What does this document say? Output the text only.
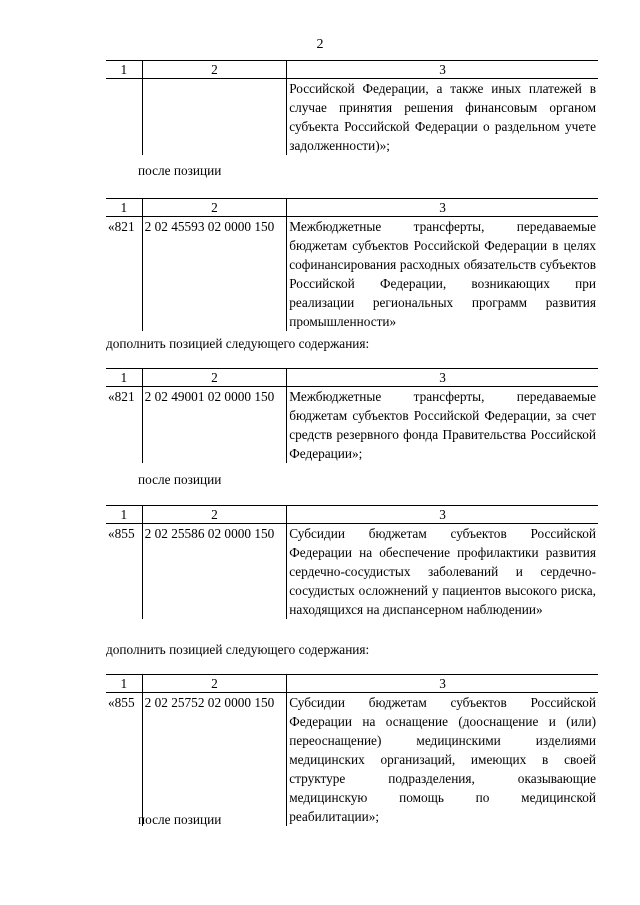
2
1	2	3
		Российской Федерации, а также иных платежей в случае принятия решения финансовым органом субъекта Российской Федерации о раздельном учете задолженности)»;
после позиции
1	2	3
«821	2 02 45593 02 0000 150	Межбюджетные трансферты, передаваемые бюджетам субъектов Российской Федерации в целях софинансирования расходных обязательств субъектов Российской Федерации, возникающих при реализации региональных программ развития промышленности»
дополнить позицией следующего содержания:
1	2	3
«821	2 02 49001 02 0000 150	Межбюджетные трансферты, передаваемые бюджетам субъектов Российской Федерации, за счет средств резервного фонда Правительства Российской Федерации»;
после позиции
1	2	3
«855	2 02 25586 02 0000 150	Субсидии бюджетам субъектов Российской Федерации на обеспечение профилактики развития сердечно-сосудистых заболеваний и сердечно-сосудистых осложнений у пациентов высокого риска, находящихся на диспансерном наблюдении»
дополнить позицией следующего содержания:
1	2	3
«855	2 02 25752 02 0000 150	Субсидии бюджетам субъектов Российской Федерации на оснащение (дооснащение и (или) переоснащение) медицинскими изделиями медицинских организаций, имеющих в своей структуре подразделения, оказывающие медицинскую помощь по медицинской реабилитации»;
после позиции
